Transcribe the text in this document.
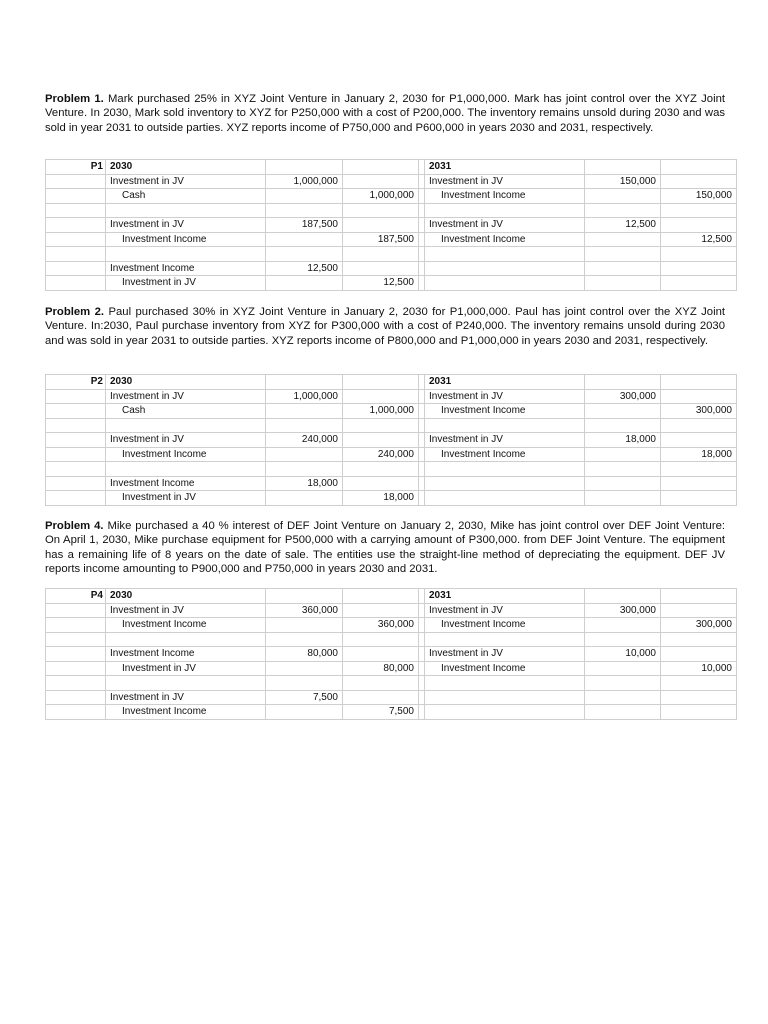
Problem 1. Mark purchased 25% in XYZ Joint Venture in January 2, 2030 for P1,000,000. Mark has joint control over the XYZ Joint Venture. In 2030, Mark sold inventory to XYZ for P250,000 with a cost of P200,000. The inventory remains unsold during 2030 and was sold in year 2031 to outside parties. XYZ reports income of P750,000 and P600,000 in years 2030 and 2031, respectively.

P1	2030				2031		
	Investment in JV	1,000,000			Investment in JV	150,000	
	Cash		1,000,000		Investment Income		150,000

	Investment in JV	187,500			Investment in JV	12,500	
	Investment Income		187,500		Investment Income		12,500

	Investment Income	12,500					
	Investment in JV		12,500				

Problem 2. Paul purchased 30% in XYZ Joint Venture in January 2, 2030 for P1,000,000. Paul has joint control over the XYZ Joint Venture. In:2030, Paul purchase inventory from XYZ for P300,000 with a cost of P240,000. The inventory remains unsold during 2030 and was sold in year 2031 to outside parties. XYZ reports income of P800,000 and P1,000,000 in years 2030 and 2031, respectively.

P2	2030				2031		
	Investment in JV	1,000,000			Investment in JV	300,000	
	Cash		1,000,000		Investment Income		300,000

	Investment in JV	240,000			Investment in JV	18,000	
	Investment Income		240,000		Investment Income		18,000

	Investment Income	18,000					
	Investment in JV		18,000				

Problem 4. Mike purchased a 40 % interest of DEF Joint Venture on January 2, 2030, Mike has joint control over DEF Joint Venture: On April 1, 2030, Mike purchase equipment for P500,000 with a carrying amount of P300,000. from DEF Joint Venture. The equipment has a remaining life of 8 years on the date of sale. The entities use the straight-line method of depreciating the equipment. DEF JV reports income amounting to P900,000 and P750,000 in years 2030 and 2031.

P4	2030				2031		
	Investment in JV	360,000			Investment in JV	300,000	
	Investment Income		360,000		Investment Income		300,000

	Investment Income	80,000			Investment in JV	10,000	
	Investment in JV		80,000		Investment Income		10,000

	Investment in JV	7,500					
	Investment Income		7,500				
